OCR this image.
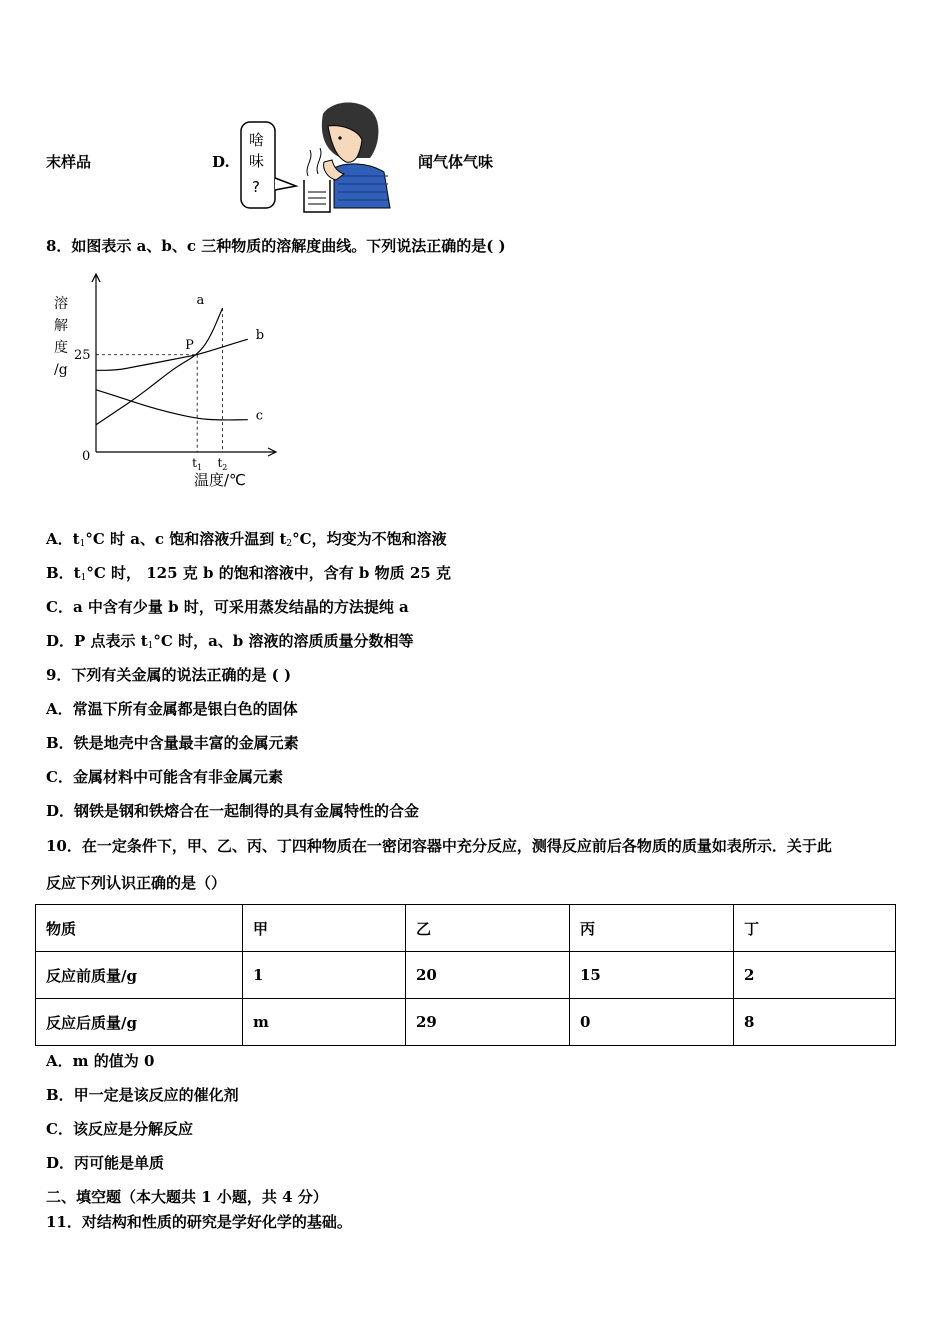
末样品	D.
啥
味
?
闻气体气味
8．如图表示 a、b、c 三种物质的溶解度曲线。下列说法正确的是( )
a
b
c
溶
解
度
/g
25
0
P
$t_1$ $t_2$
温度/℃
A．$t_1^\circ C$ 时 a、c 饱和溶液升温到 $t_2^\circ C$，均变为不饱和溶液
B．$t_1^\circ C$ 时， 125 克 b 的饱和溶液中，含有 b 物质 25 克
C．a 中含有少量 b 时，可采用蒸发结晶的方法提纯 a
D．P 点表示 $t_1^\circ C$ 时，a、b 溶液的溶质质量分数相等
9．下列有关金属的说法正确的是 ( )
A．常温下所有金属都是银白色的固体
B．铁是地壳中含量最丰富的金属元素
C．金属材料中可能含有非金属元素
D．钢铁是钢和铁熔合在一起制得的具有金属特性的合金
10．在一定条件下，甲、乙、丙、丁四种物质在一密闭容器中充分反应，测得反应前后各物质的质量如表所示．关于此
反应下列认识正确的是（）
物质	甲	乙	丙	丁
反应前质量/g	1	20	15	2
反应后质量/g	m	29	0	8
A．m 的值为 0
B．甲一定是该反应的催化剂
C．该反应是分解反应
D．丙可能是单质
二、填空题（本大题共 1 小题，共 4 分）
11．对结构和性质的研究是学好化学的基础。
